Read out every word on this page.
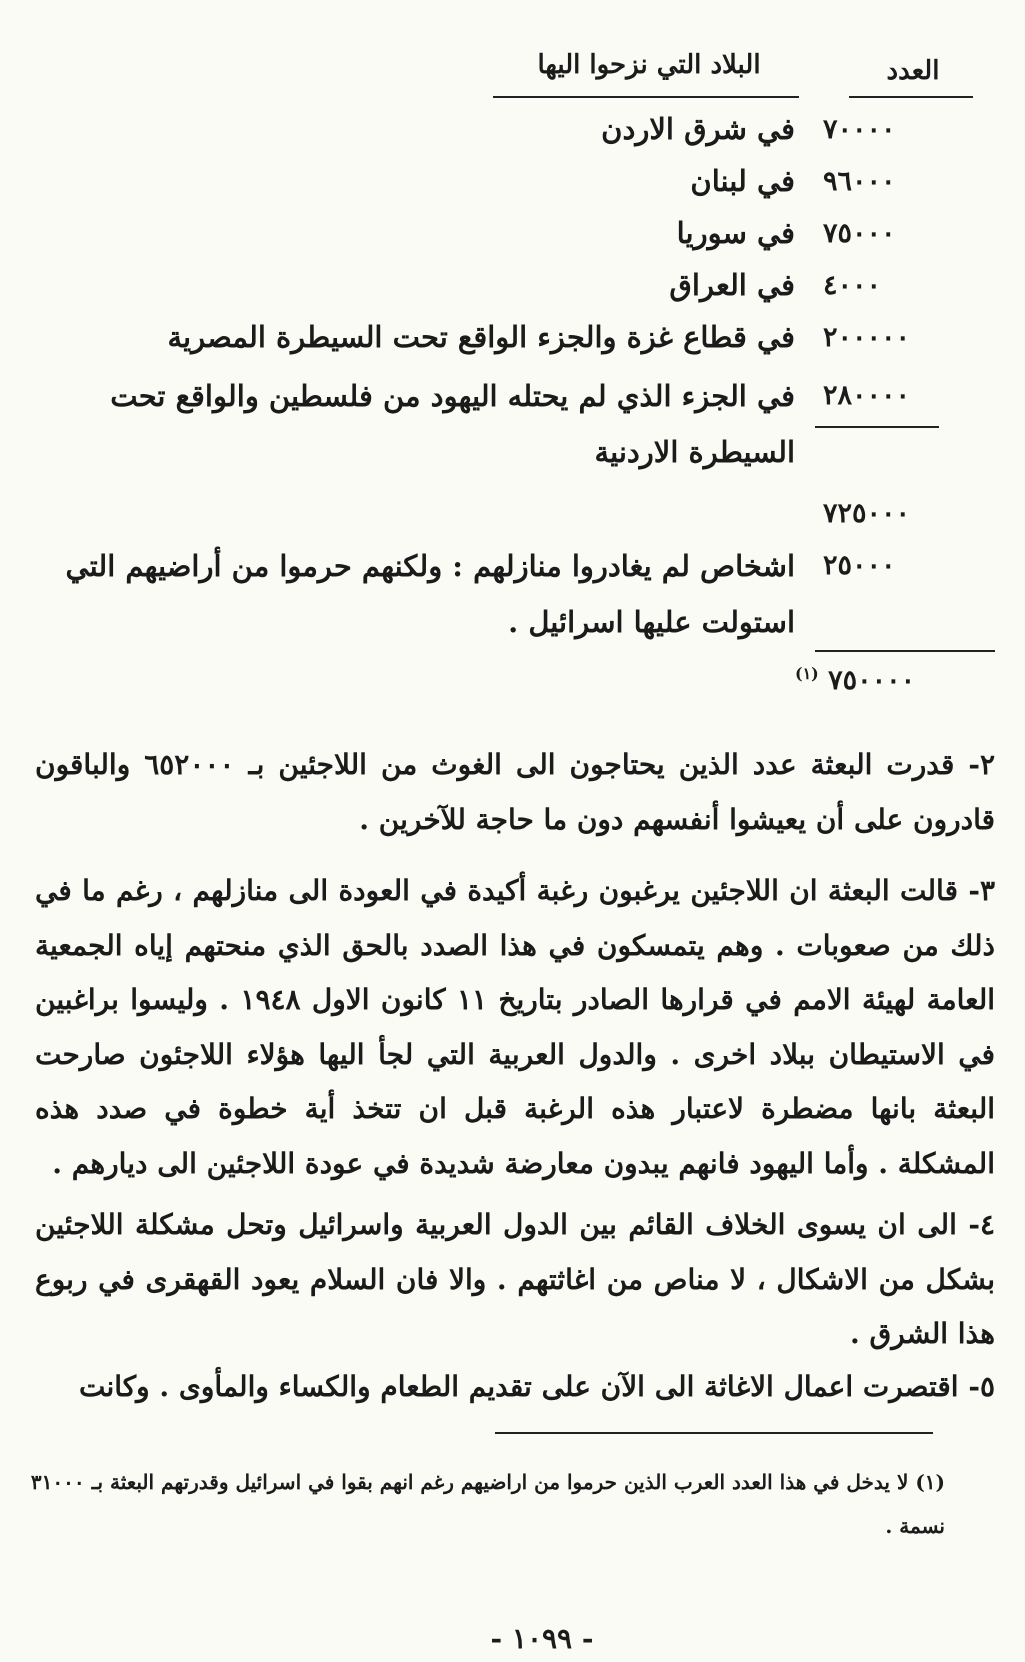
العدد
البلاد التي نزحوا اليها
٧٠٠٠٠
في شرق الاردن
٩٦٠٠٠
في لبنان
٧٥٠٠٠
في سوريا
٤٠٠٠
في العراق
٢٠٠٠٠٠
في قطاع غزة والجزء الواقع تحت السيطرة المصرية
٢٨٠٠٠٠
في الجزء الذي لم يحتله اليهود من فلسطين والواقع تحت السيطرة الاردنية
٧٢٥٠٠٠
٢٥٠٠٠
اشخاص لم يغادروا منازلهم : ولكنهم حرموا من أراضيهم التي استولت عليها اسرائيل .
$^{(١)}$ ٧٥٠٠٠٠
٢- قدرت البعثة عدد الذين يحتاجون الى الغوث من اللاجئين بـ ٦٥٢٠٠٠ والباقون قادرون على أن يعيشوا أنفسهم دون ما حاجة للآخرين .
٣- قالت البعثة ان اللاجئين يرغبون رغبة أكيدة في العودة الى منازلهم ، رغم ما في ذلك من صعوبات . وهم يتمسكون في هذا الصدد بالحق الذي منحتهم إياه الجمعية العامة لهيئة الامم في قرارها الصادر بتاريخ ١١ كانون الاول ١٩٤٨ . وليسوا براغبين في الاستيطان ببلاد اخرى . والدول العربية التي لجأ اليها هؤلاء اللاجئون صارحت البعثة بانها مضطرة لاعتبار هذه الرغبة قبل ان تتخذ أية خطوة في صدد هذه المشكلة . وأما اليهود فانهم يبدون معارضة شديدة في عودة اللاجئين الى ديارهم .
٤- الى ان يسوى الخلاف القائم بين الدول العربية واسرائيل وتحل مشكلة اللاجئين بشكل من الاشكال ، لا مناص من اغاثتهم . والا فان السلام يعود القهقرى في ربوع هذا الشرق .
٥- اقتصرت اعمال الاغاثة الى الآن على تقديم الطعام والكساء والمأوى . وكانت
(١) لا يدخل في هذا العدد العرب الذين حرموا من اراضيهم رغم انهم بقوا في اسرائيل وقدرتهم البعثة بـ ٣١٠٠٠ نسمة .
- ١٠٩٩ -
